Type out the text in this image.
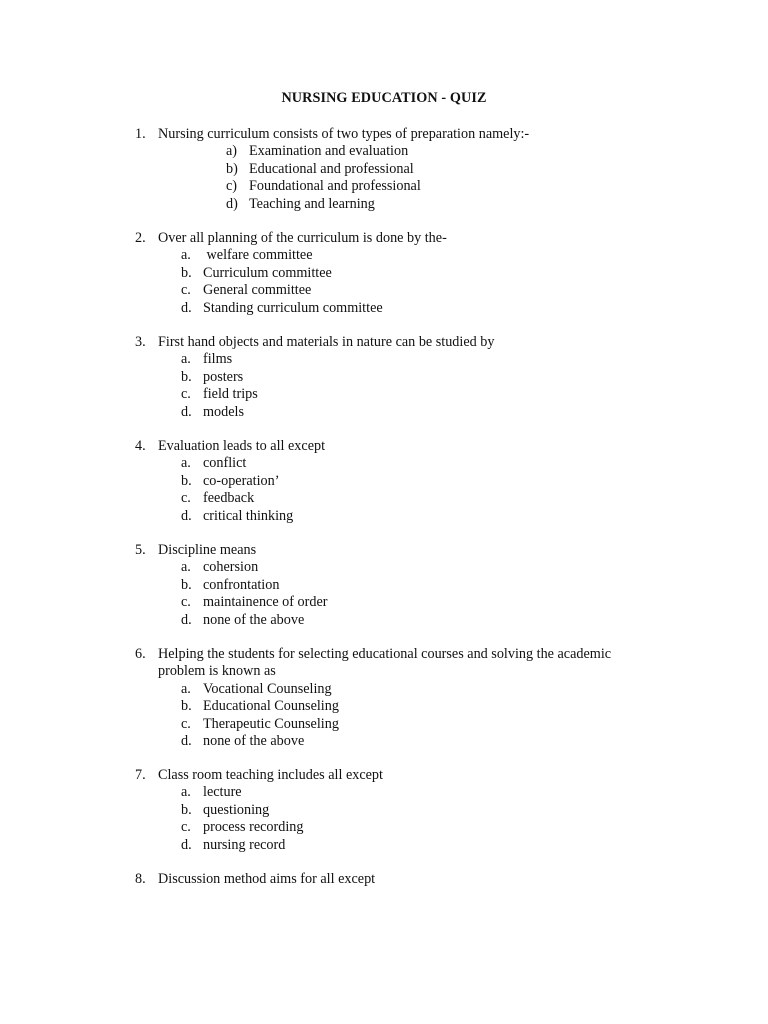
NURSING EDUCATION - QUIZ
1. Nursing curriculum consists of two types of preparation namely:-
a) Examination and evaluation
b) Educational and professional
c) Foundational and professional
d) Teaching and learning
2. Over all planning of the curriculum is done by the-
a. welfare committee
b. Curriculum committee
c. General committee
d. Standing curriculum committee
3. First hand objects and materials in nature can be studied by
a. films
b. posters
c. field trips
d. models
4. Evaluation leads to all except
a. conflict
b. co-operation’
c. feedback
d. critical thinking
5. Discipline means
a. cohersion
b. confrontation
c. maintainence of order
d. none of the above
6. Helping the students for selecting educational courses and solving the academic
problem is known as
a. Vocational Counseling
b. Educational Counseling
c. Therapeutic Counseling
d. none of the above
7. Class room teaching includes all except
a. lecture
b. questioning
c. process recording
d. nursing record
8. Discussion method aims for all except
